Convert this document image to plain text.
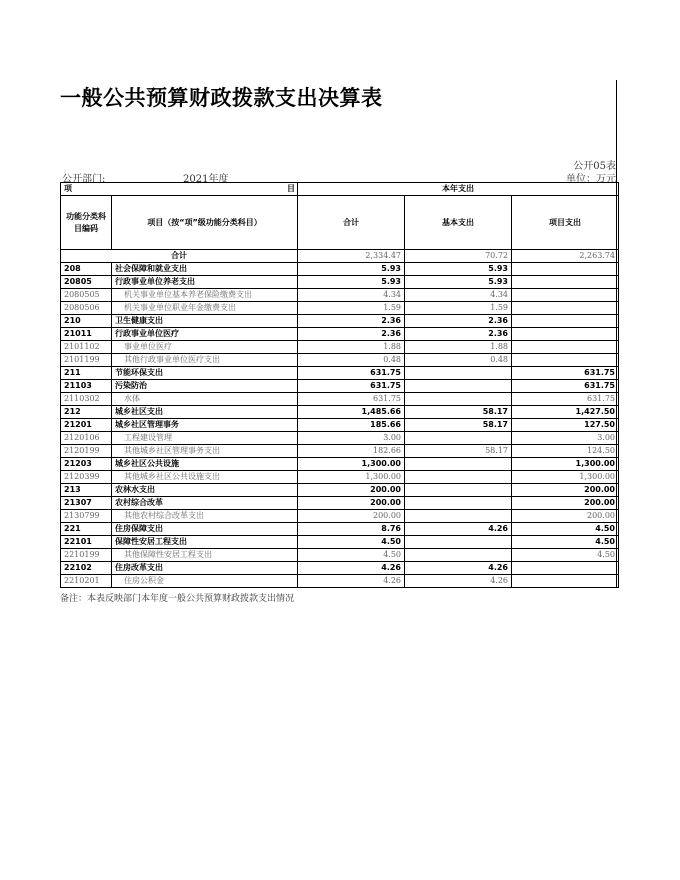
一般公共预算财政拨款支出决算表
公开05表
公开部门:	2021年度	单位：万元
项 目		本年支出		
功能分类科目编码	项目（按“项”级功能分类科目）	合计	基本支出	项目支出
合计		2,334.47	70.72	2,263.74
208	社会保障和就业支出	5.93	5.93	
20805	行政事业单位养老支出	5.93	5.93	
2080505	机关事业单位基本养老保险缴费支出	4.34	4.34	
2080506	机关事业单位职业年金缴费支出	1.59	1.59	
210	卫生健康支出	2.36	2.36	
21011	行政事业单位医疗	2.36	2.36	
2101102	事业单位医疗	1.88	1.88	
2101199	其他行政事业单位医疗支出	0.48	0.48	
211	节能环保支出	631.75		631.75
21103	污染防治	631.75		631.75
2110302	水体	631.75		631.75
212	城乡社区支出	1,485.66	58.17	1,427.50
21201	城乡社区管理事务	185.66	58.17	127.50
2120106	工程建设管理	3.00		3.00
2120199	其他城乡社区管理事务支出	182.66	58.17	124.50
21203	城乡社区公共设施	1,300.00		1,300.00
2120399	其他城乡社区公共设施支出	1,300.00		1,300.00
213	农林水支出	200.00		200.00
21307	农村综合改革	200.00		200.00
2130799	其他农村综合改革支出	200.00		200.00
221	住房保障支出	8.76	4.26	4.50
22101	保障性安居工程支出	4.50		4.50
2210199	其他保障性安居工程支出	4.50		4.50
22102	住房改革支出	4.26	4.26	
2210201	住房公积金	4.26	4.26	
备注：本表反映部门本年度一般公共预算财政拨款支出情况
